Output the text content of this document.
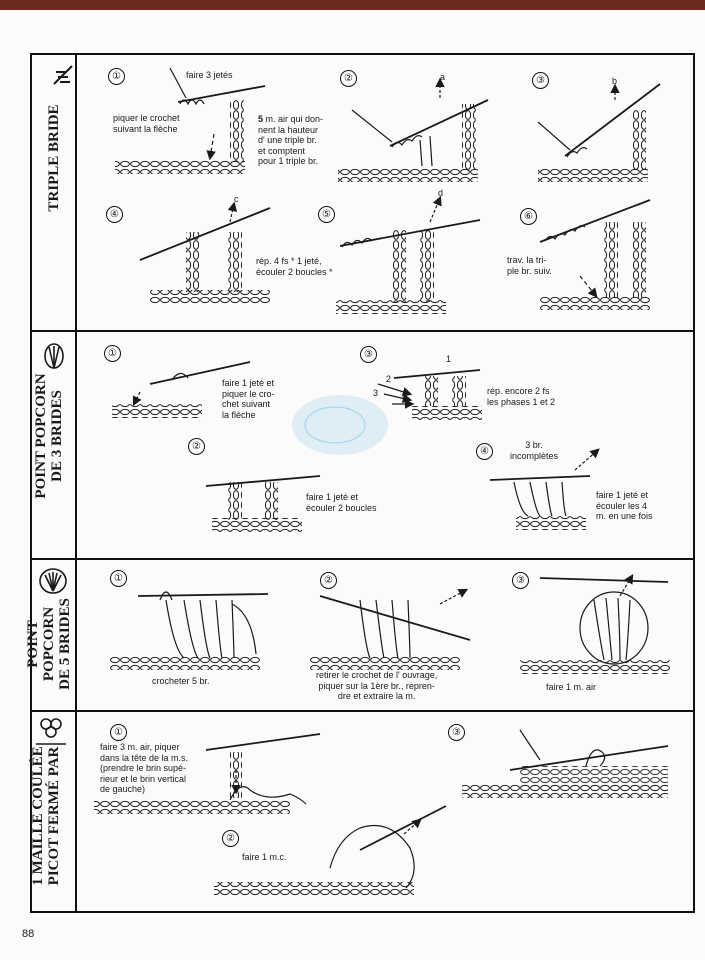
TRIPLE BRIDE
POINT POPCORN
DE 3 BRIDES
POINT
POPCORN
DE 5 BRIDES
1 MAILLE COULÉE
PICOT FERMÉ PAR
①	②	③
④	⑤	⑥
faire 3 jetés
piquer le crochet
suivant la flèche
5 m. air qui don-
nent la hauteur
d' une triple br.
et comptent
pour 1 triple br.
a	b
c
rép. 4 fs * 1 jeté,
écouler 2 boucles *
d
trav. la tri-
ple br. suiv.
①
②
③
④
faire 1 jeté et
piquer le cro-
chet suivant
la flèche
faire 1 jeté et
écouler 2 boucles
rép. encore 2 fs
les phases 1 et 2
1
2
3
3 br.
incomplètes
faire 1 jeté et
écouler les 4
m. en une fois
①	②	③
crocheter 5 br.
retirer le crochet de l' ouvrage,
piquer sur la 1ère br., repren-
dre et extraire la m.
faire 1 m. air
①
②
③
faire 3 m. air, piquer
dans la tête de la m.s.
(prendre le brin supé-
rieur et le brin vertical
de gauche)
faire 1 m.c.
88
